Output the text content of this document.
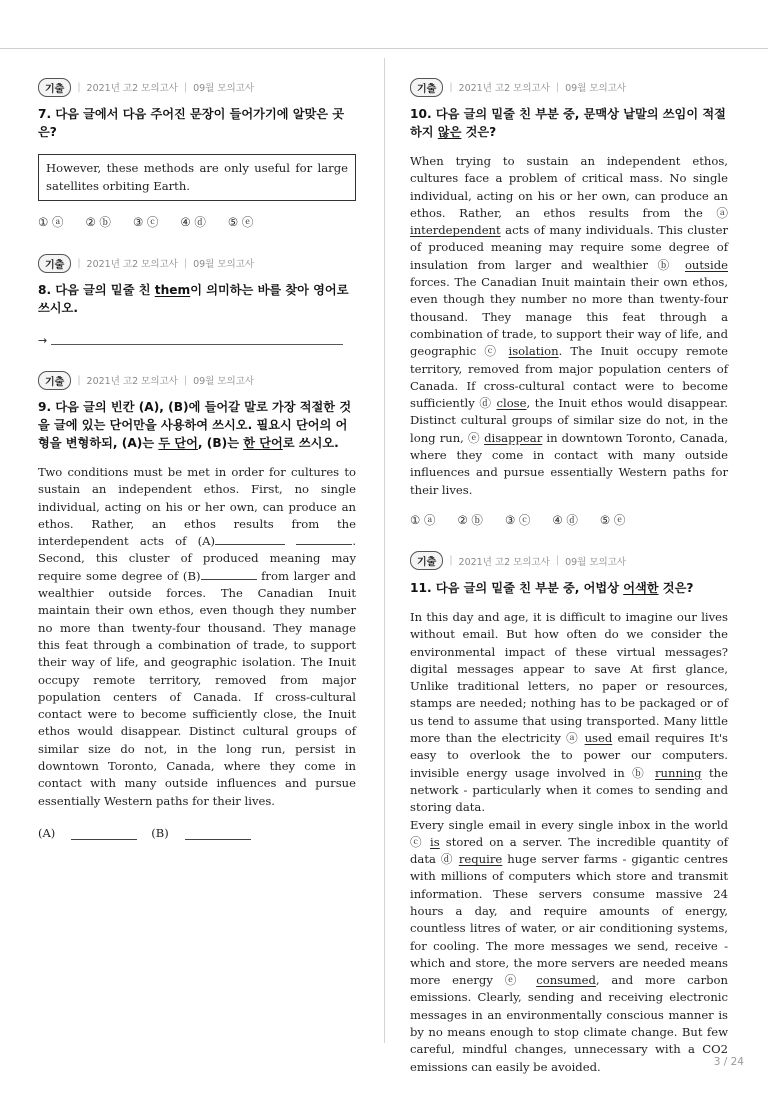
기출	| 2021년 고2 모의고사 | 09월 모의고사
7. 다음 글에서 다음 주어진 문장이 들어가기에 알맞은 곳은?
However, these methods are only useful for large satellites orbiting Earth.
① ⓐ ② ⓑ ③ ⓒ ④ ⓓ ⑤ ⓔ
기출	| 2021년 고2 모의고사 | 09월 모의고사
8. 다음 글의 밑줄 친 them이 의미하는 바를 찾아 영어로 쓰시오.
→
기출	| 2021년 고2 모의고사 | 09월 모의고사
9. 다음 글의 빈칸 (A), (B)에 들어갈 말로 가장 적절한 것을 글에 있는 단어만을 사용하여 쓰시오. 필요시 단어의 어형을 변형하되, (A)는 두 단어, (B)는 한 단어로 쓰시오.
Two conditions must be met in order for cultures to sustain an independent ethos. First, no single individual, acting on his or her own, can produce an ethos. Rather, an ethos results from the interdependent acts of (A)	. Second, this cluster of produced meaning may require some degree of (B)	from larger and wealthier outside forces. The Canadian Inuit maintain their own ethos, even though they number no more than twenty-four thousand. They manage this feat through a combination of trade, to support their way of life, and geographic isolation. The Inuit occupy remote territory, removed from major population centers of Canada. If cross-cultural contact were to become sufficiently close, the Inuit ethos would disappear. Distinct cultural groups of similar size do not, in the long run, persist in downtown Toronto, Canada, where they come in contact with many outside influences and pursue essentially Western paths for their lives.
(A)	(B)
기출	| 2021년 고2 모의고사 | 09월 모의고사
10. 다음 글의 밑줄 친 부분 중, 문맥상 낱말의 쓰임이 적절하지 않은 것은?
When trying to sustain an independent ethos, cultures face a problem of critical mass. No single individual, acting on his or her own, can produce an ethos. Rather, an ethos results from the ⓐ interdependent acts of many individuals. This cluster of produced meaning may require some degree of insulation from larger and wealthier ⓑ outside forces. The Canadian Inuit maintain their own ethos, even though they number no more than twenty-four thousand. They manage this feat through a combination of trade, to support their way of life, and geographic ⓒ isolation. The Inuit occupy remote territory, removed from major population centers of Canada. If cross-cultural contact were to become sufficiently ⓓ close, the Inuit ethos would disappear. Distinct cultural groups of similar size do not, in the long run, ⓔ disappear in downtown Toronto, Canada, where they come in contact with many outside influences and pursue essentially Western paths for their lives.
① ⓐ ② ⓑ ③ ⓒ ④ ⓓ ⑤ ⓔ
기출	| 2021년 고2 모의고사 | 09월 모의고사
11. 다음 글의 밑줄 친 부분 중, 어법상 어색한 것은?
In this day and age, it is difficult to imagine our lives without email. But how often do we consider the environmental impact of these virtual messages? digital messages appear to save At first glance, Unlike traditional letters, no paper or resources, stamps are needed; nothing has to be packaged or of us tend to assume that using transported. Many little more than the electricity ⓐ used email requires It's easy to overlook the to power our computers. invisible energy usage involved in ⓑ running the network - particularly when it comes to sending and storing data.
Every single email in every single inbox in the world ⓒ is stored on a server. The incredible quantity of data ⓓ require huge server farms - gigantic centres with millions of computers which store and transmit information. These servers consume massive 24 hours a day, and require amounts of energy, countless litres of water, or air conditioning systems, for cooling. The more messages we send, receive - which and store, the more servers are needed means more energy ⓔ consumed, and more carbon emissions. Clearly, sending and receiving electronic messages in an environmentally conscious manner is by no means enough to stop climate change. But few careful, mindful changes, unnecessary with a CO2 emissions can easily be avoided.	3 / 24
